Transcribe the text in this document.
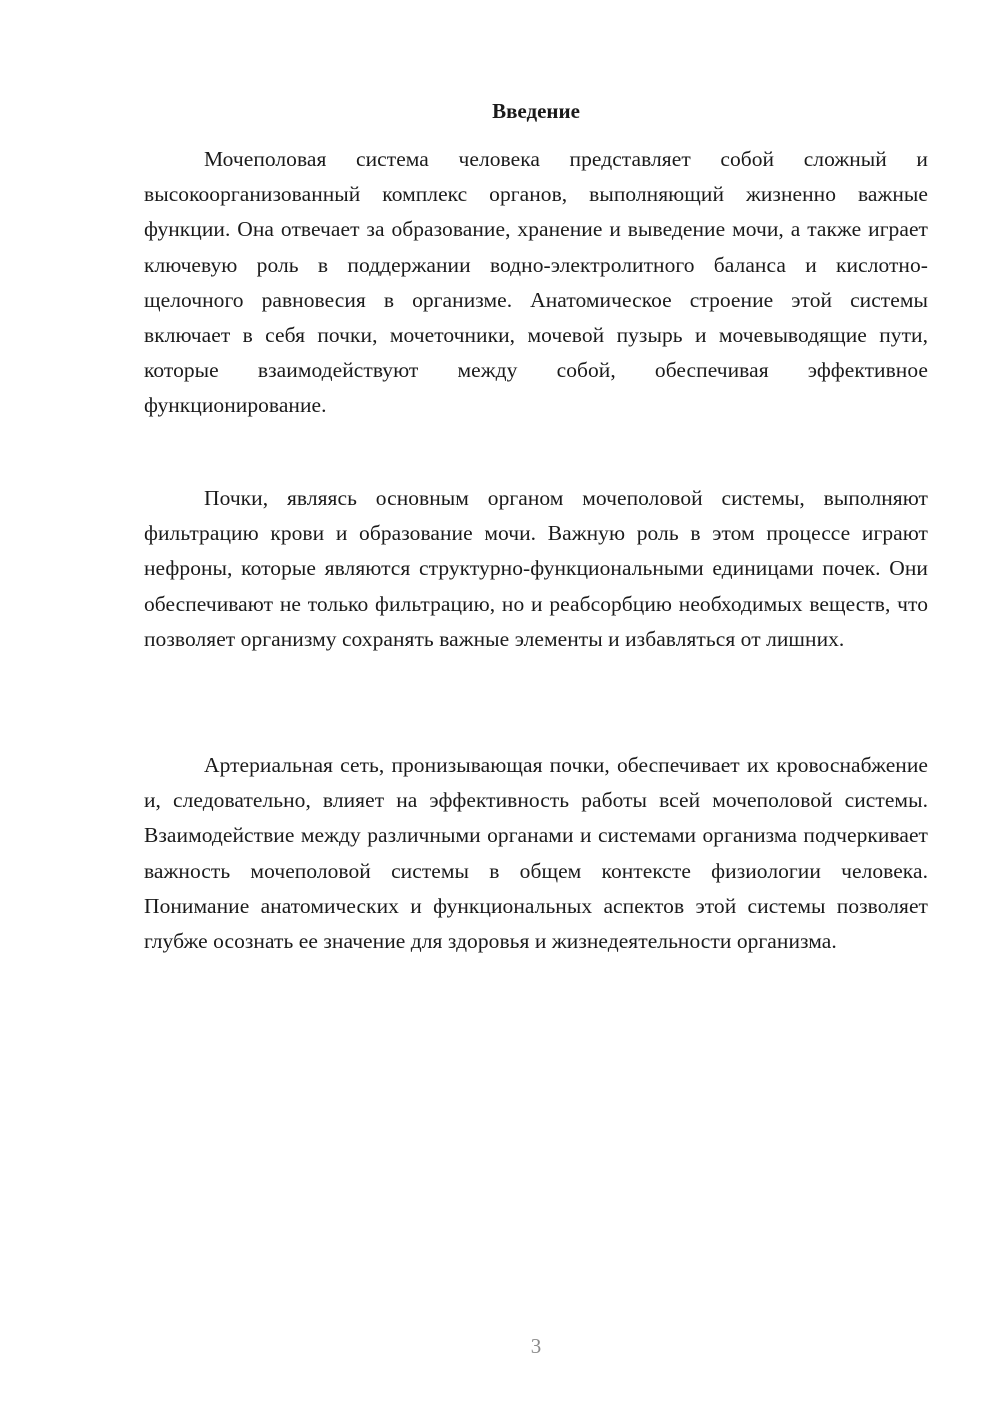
Введение

Мочеполовая система человека представляет собой сложный и высокоорганизованный комплекс органов, выполняющий жизненно важные функции. Она отвечает за образование, хранение и выведение мочи, а также играет ключевую роль в поддержании водно-электролитного баланса и кислотно-щелочного равновесия в организме. Анатомическое строение этой системы включает в себя почки, мочеточники, мочевой пузырь и мочевыводящие пути, которые взаимодействуют между собой, обеспечивая эффективное функционирование.

Почки, являясь основным органом мочеполовой системы, выполняют фильтрацию крови и образование мочи. Важную роль в этом процессе играют нефроны, которые являются структурно-функциональными единицами почек. Они обеспечивают не только фильтрацию, но и реабсорбцию необходимых веществ, что позволяет организму сохранять важные элементы и избавляться от лишних.

Артериальная сеть, пронизывающая почки, обеспечивает их кровоснабжение и, следовательно, влияет на эффективность работы всей мочеполовой системы. Взаимодействие между различными органами и системами организма подчеркивает важность мочеполовой системы в общем контексте физиологии человека. Понимание анатомических и функциональных аспектов этой системы позволяет глубже осознать ее значение для здоровья и жизнедеятельности организма.

3
